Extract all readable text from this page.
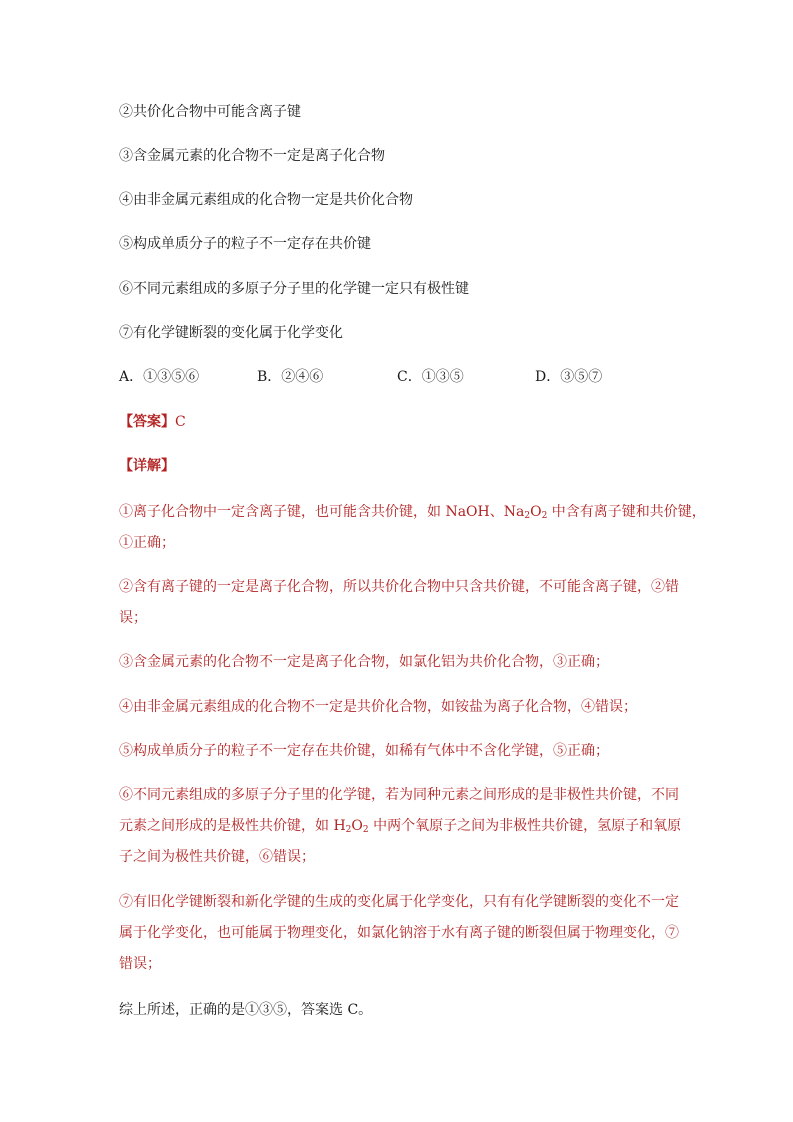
②共价化合物中可能含离子键
③含金属元素的化合物不一定是离子化合物
④由非金属元素组成的化合物一定是共价化合物
⑤构成单质分子的粒子不一定存在共价键
⑥不同元素组成的多原子分子里的化学键一定只有极性键
⑦有化学键断裂的变化属于化学变化
A．①③⑤⑥	B．②④⑥	C．①③⑤	D．③⑤⑦
【答案】C
【详解】
①离子化合物中一定含离子键，也可能含共价键，如 NaOH、$Na_2O_2$ 中含有离子键和共价键，
①正确；
②含有离子键的一定是离子化合物，所以共价化合物中只含共价键，不可能含离子键，②错
误；
③含金属元素的化合物不一定是离子化合物，如氯化铝为共价化合物，③正确；
④由非金属元素组成的化合物不一定是共价化合物，如铵盐为离子化合物，④错误；
⑤构成单质分子的粒子不一定存在共价键，如稀有气体中不含化学键，⑤正确；
⑥不同元素组成的多原子分子里的化学键，若为同种元素之间形成的是非极性共价键，不同
元素之间形成的是极性共价键，如 $H_2O_2$ 中两个氧原子之间为非极性共价键，氢原子和氧原
子之间为极性共价键，⑥错误；
⑦有旧化学键断裂和新化学键的生成的变化属于化学变化，只有有化学键断裂的变化不一定
属于化学变化，也可能属于物理变化，如氯化钠溶于水有离子键的断裂但属于物理变化，⑦
错误；
综上所述，正确的是①③⑤，答案选 C。
